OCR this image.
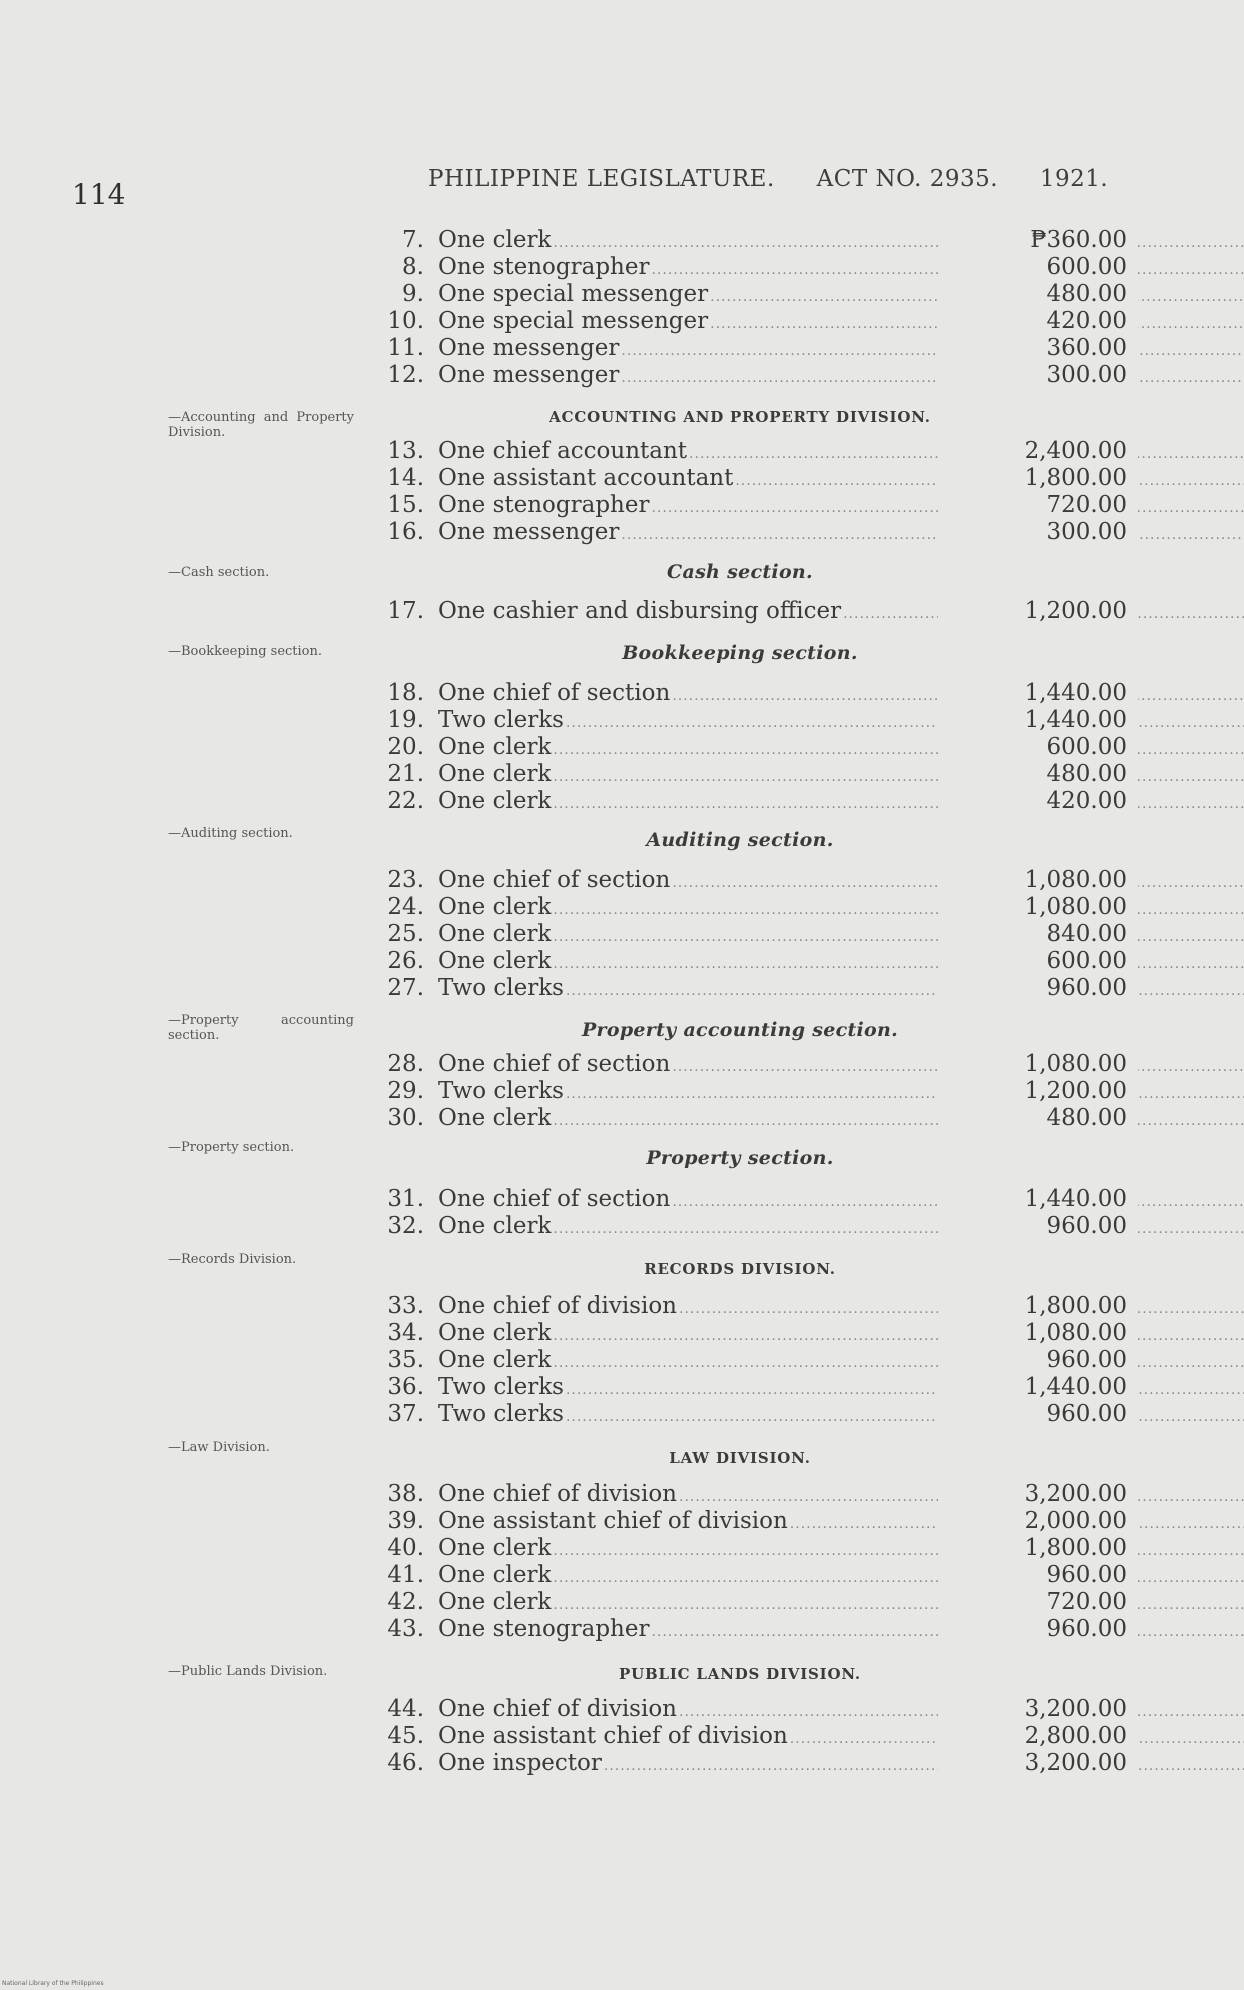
114	PHILIPPINE LEGISLATURE. ACT NO. 2935. 1921.
—Accounting and Property Division.
—Cash section.
—Bookkeeping section.
—Auditing section.
—Property accounting section.
—Property section.
—Records Division.
—Law Division.
—Public Lands Division.
ACCOUNTING AND PROPERTY DIVISION.
Cash section.
Bookkeeping section.
Auditing section.
Property accounting section.
Property section.
RECORDS DIVISION.
LAW DIVISION.
PUBLIC LANDS DIVISION.
7. One clerk .....	₱360.00
8. One stenographer .....	600.00
9. One special messenger .....	480.00
10. One special messenger .....	420.00
11. One messenger .....	360.00
12. One messenger .....	300.00
13. One chief accountant .....	2,400.00
14. One assistant accountant .....	1,800.00
15. One stenographer .....	720.00
16. One messenger .....	300.00
17. One cashier and disbursing officer .....	1,200.00
18. One chief of section .....	1,440.00
19. Two clerks .....	1,440.00
20. One clerk .....	600.00
21. One clerk .....	480.00
22. One clerk .....	420.00
23. One chief of section .....	1,080.00
24. One clerk .....	1,080.00
25. One clerk .....	840.00
26. One clerk .....	600.00
27. Two clerks .....	960.00
28. One chief of section .....	1,080.00
29. Two clerks .....	1,200.00
30. One clerk .....	480.00
31. One chief of section .....	1,440.00
32. One clerk .....	960.00
33. One chief of division .....	1,800.00
34. One clerk .....	1,080.00
35. One clerk .....	960.00
36. Two clerks .....	1,440.00
37. Two clerks .....	960.00
38. One chief of division .....	3,200.00
39. One assistant chief of division .....	2,000.00
40. One clerk .....	1,800.00
41. One clerk .....	960.00
42. One clerk .....	720.00
43. One stenographer .....	960.00
44. One chief of division .....	3,200.00
45. One assistant chief of division .....	2,800.00
46. One inspector .....	3,200.00
National Library of the Philippines
